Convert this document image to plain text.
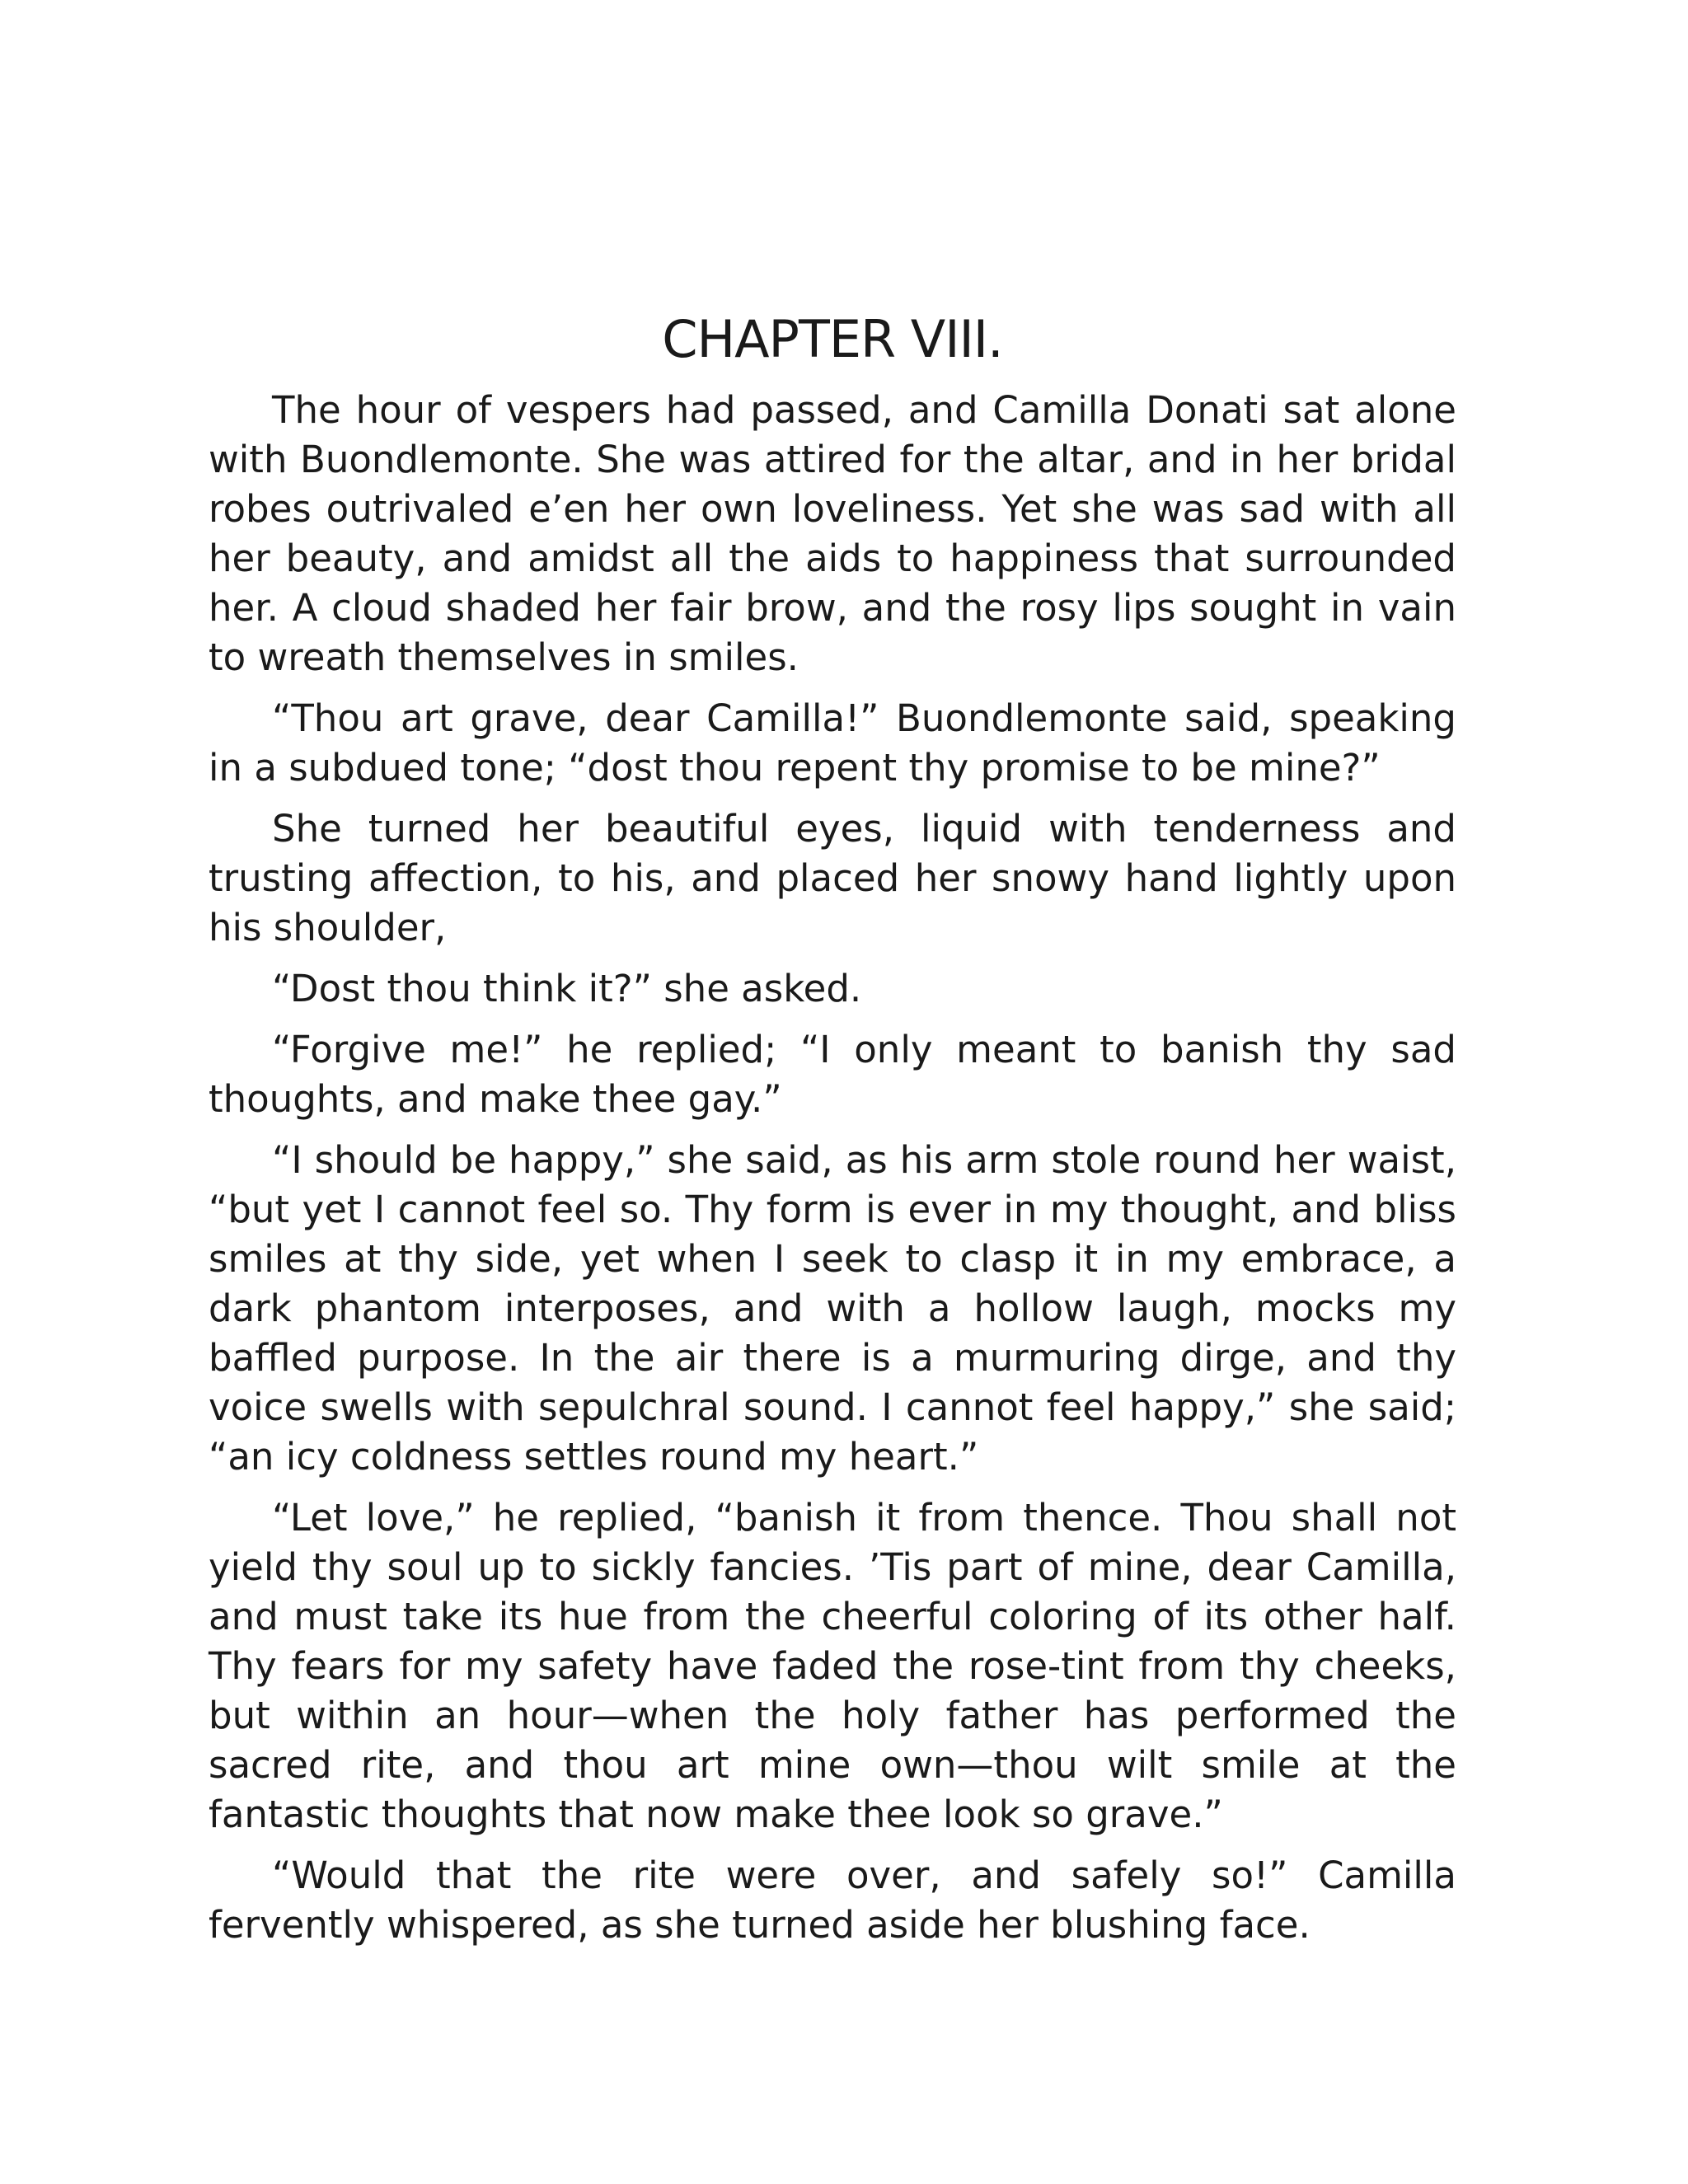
CHAPTER VIII.

The hour of vespers had passed, and Camilla Donati sat alone with Buondlemonte. She was attired for the altar, and in her bridal robes outrivaled e’en her own loveliness. Yet she was sad with all her beauty, and amidst all the aids to happiness that surrounded her. A cloud shaded her fair brow, and the rosy lips sought in vain to wreath themselves in smiles.

“Thou art grave, dear Camilla!” Buondlemonte said, speaking in a subdued tone; “dost thou repent thy promise to be mine?”

She turned her beautiful eyes, liquid with tenderness and trusting affection, to his, and placed her snowy hand lightly upon his shoulder,

“Dost thou think it?” she asked.

“Forgive me!” he replied; “I only meant to banish thy sad thoughts, and make thee gay.”

“I should be happy,” she said, as his arm stole round her waist, “but yet I cannot feel so. Thy form is ever in my thought, and bliss smiles at thy side, yet when I seek to clasp it in my embrace, a dark phantom interposes, and with a hollow laugh, mocks my baffled purpose. In the air there is a murmuring dirge, and thy voice swells with sepulchral sound. I cannot feel happy,” she said; “an icy coldness settles round my heart.”

“Let love,” he replied, “banish it from thence. Thou shall not yield thy soul up to sickly fancies. ’Tis part of mine, dear Camilla, and must take its hue from the cheerful coloring of its other half. Thy fears for my safety have faded the rose-tint from thy cheeks, but within an hour—when the holy father has performed the sacred rite, and thou art mine own—thou wilt smile at the fantastic thoughts that now make thee look so grave.”

“Would that the rite were over, and safely so!” Camilla fervently whispered, as she turned aside her blushing face.
